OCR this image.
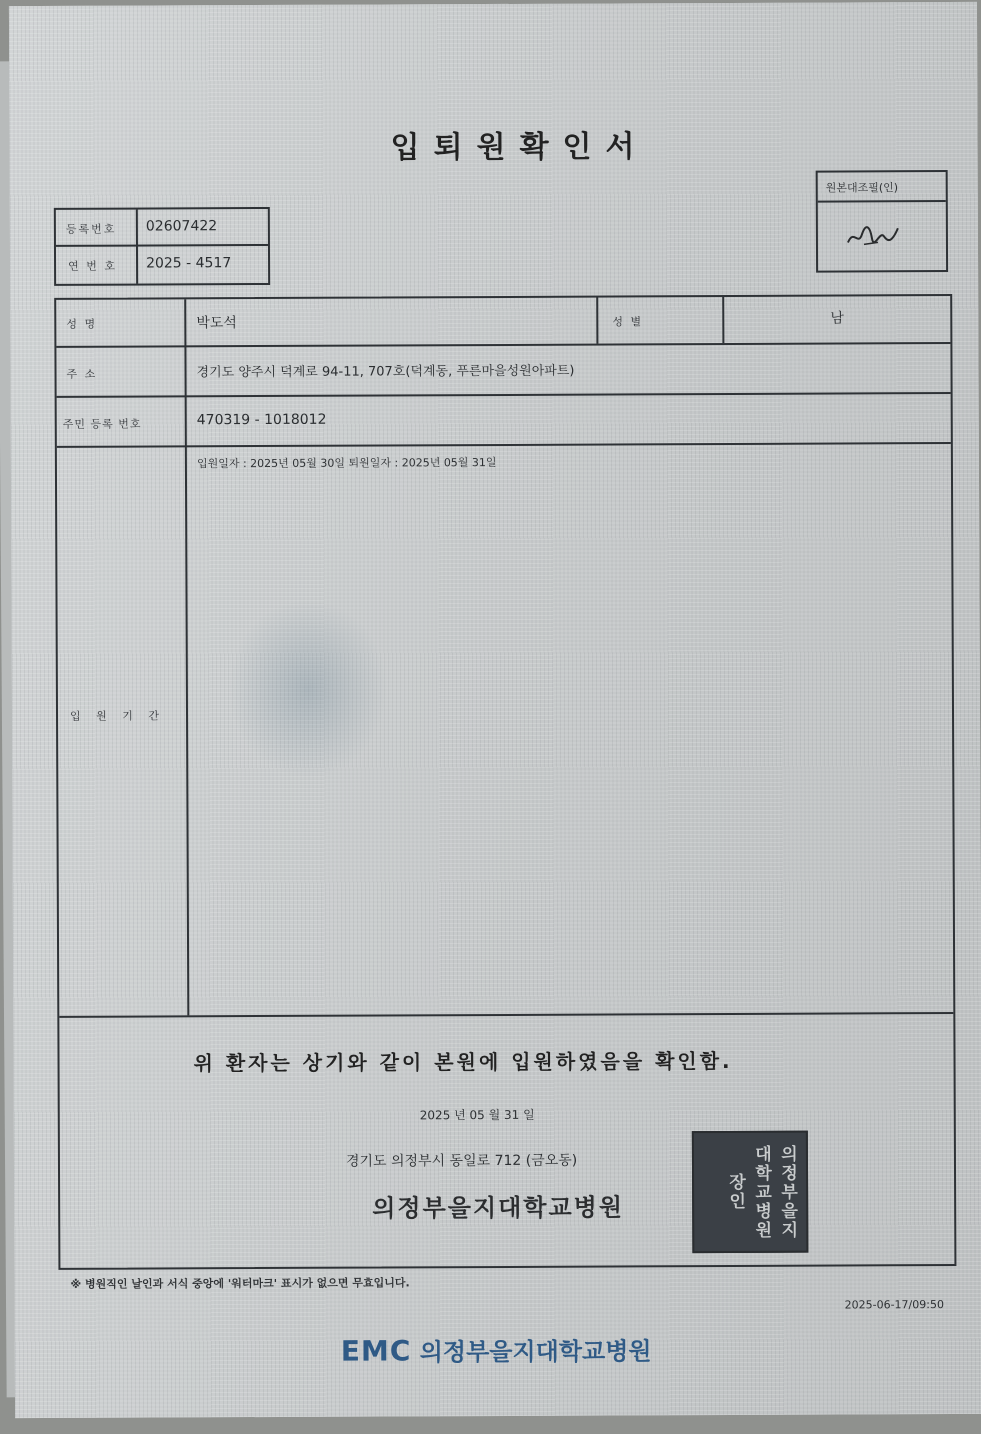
입퇴원확인서
원본대조필(인)
등록번호 02607422
연 번 호 2025 - 4517
성 명	박도석	성 별	남
주 소	경기도 양주시 덕계로 94-11, 707호(덕계동, 푸른마을성원아파트)
주민 등록 번호	470319 - 1018012
입 원 기 간
입원일자 : 2025년 05월 30일 퇴원일자 : 2025년 05월 31일
위 환자는 상기와 같이 본원에 입원하였음을 확인함.
2025 년 05 월 31 일
경기도 의정부시 동일로 712 (금오동)
의정부을지대학교병원	의정부을지대학교병원장인
※ 병원직인 날인과 서식 중앙에 '워터마크' 표시가 없으면 무효입니다.
2025-06-17/09:50
EMC 의정부을지대학교병원
